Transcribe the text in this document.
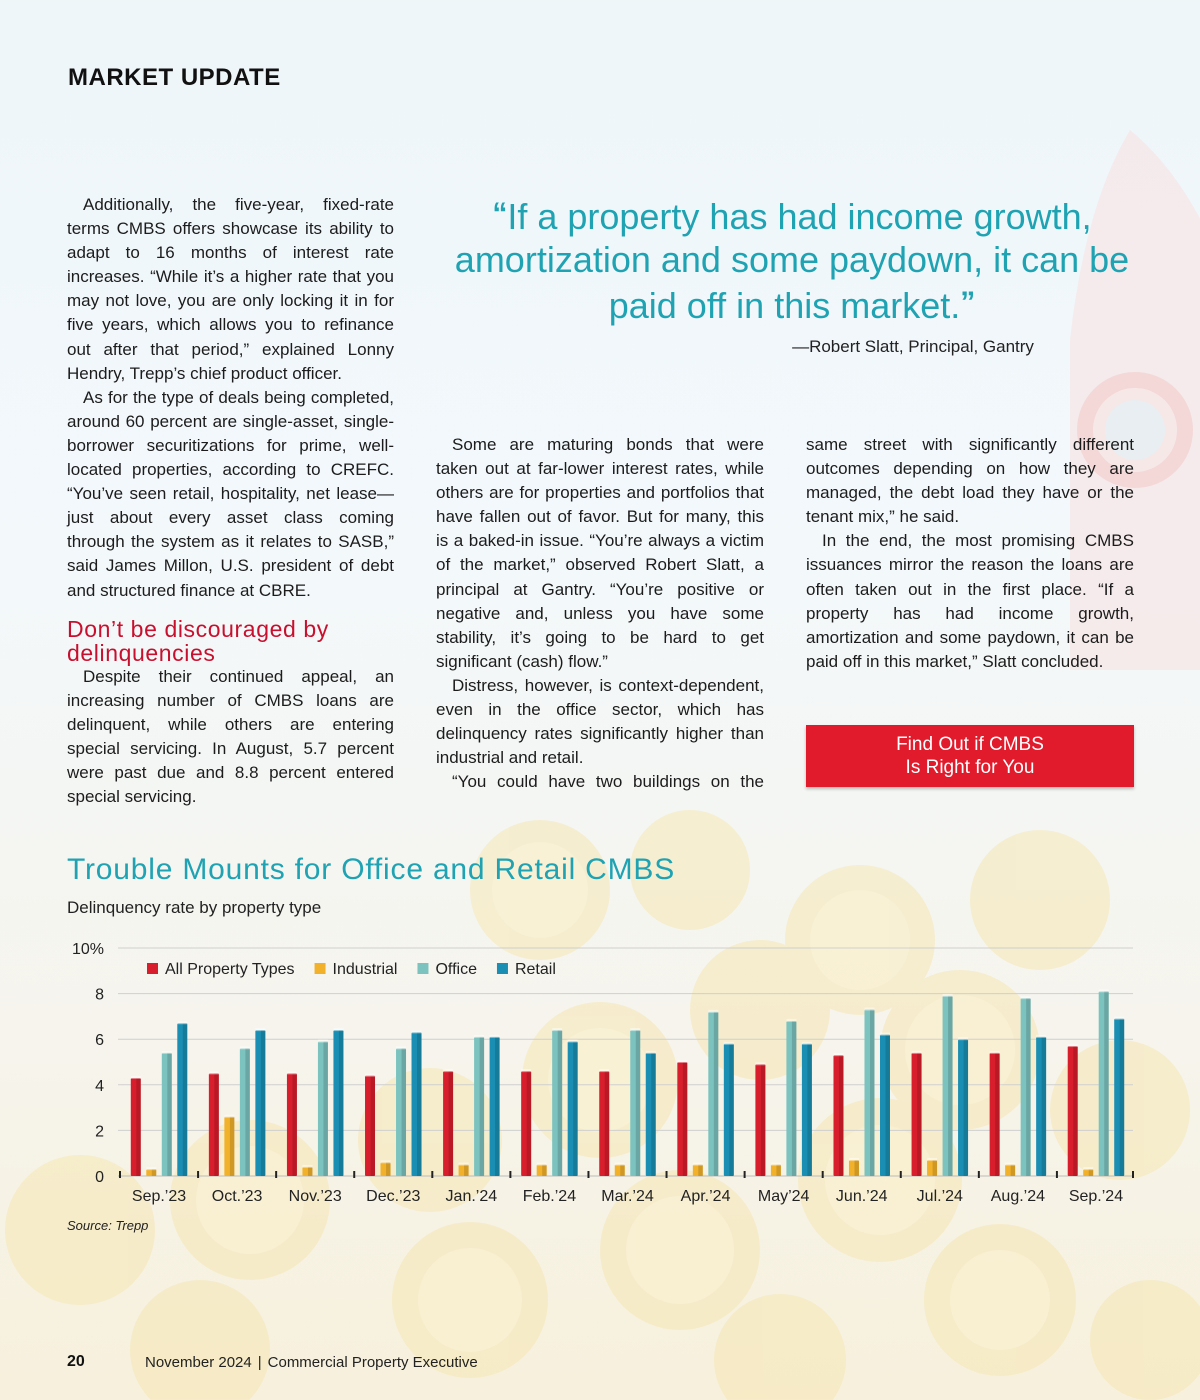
MARKET UPDATE

Additionally, the five-year, fixed-rate terms CMBS offers showcase its ability to adapt to 16 months of interest rate increases. “While it’s a higher rate that you may not love, you are only locking it in for five years, which allows you to refinance out after that period,” explained Lonny Hendry, Trepp’s chief product officer.

As for the type of deals being completed, around 60 percent are single-asset, single-borrower securitizations for prime, well-located properties, according to CREFC. “You’ve seen retail, hospitality, net lease—just about every asset class coming through the system as it relates to SASB,” said James Millon, U.S. president of debt and structured finance at CBRE.

Don’t be discouraged by delinquencies

Despite their continued appeal, an increasing number of CMBS loans are delinquent, while others are entering special servicing. In August, 5.7 percent were past due and 8.8 percent entered special servicing.

“If a property has had income growth, amortization and some paydown, it can be paid off in this market.”
—Robert Slatt, Principal, Gantry

Some are maturing bonds that were taken out at far-lower interest rates, while others are for properties and portfolios that have fallen out of favor. But for many, this is a baked-in issue. “You’re always a victim of the market,” observed Robert Slatt, a principal at Gantry. “You’re positive or negative and, unless you have some stability, it’s going to be hard to get significant (cash) flow.”

Distress, however, is context-dependent, even in the office sector, which has delinquency rates significantly higher than industrial and retail.

“You could have two buildings on the

same street with significantly different outcomes depending on how they are managed, the debt load they have or the tenant mix,” he said.

In the end, the most promising CMBS issuances mirror the reason the loans are often taken out in the first place. “If a property has had income growth, amortization and some paydown, it can be paid off in this market,” Slatt concluded.

Find Out if CMBS
Is Right for You
Trouble Mounts for Office and Retail CMBS
Delinquency rate by property type
0
2
4
6
8
10%
Sep.’23 Oct.’23 Nov.’23 Dec.’23 Jan.’24 Feb.’24 Mar.’24 Apr.’24 May’24 Jun.’24 Jul.’24 Aug.’24 Sep.’24
All Property Types Industrial Office Retail
Source: Trepp
20	November 2024 | Commercial Property Executive
